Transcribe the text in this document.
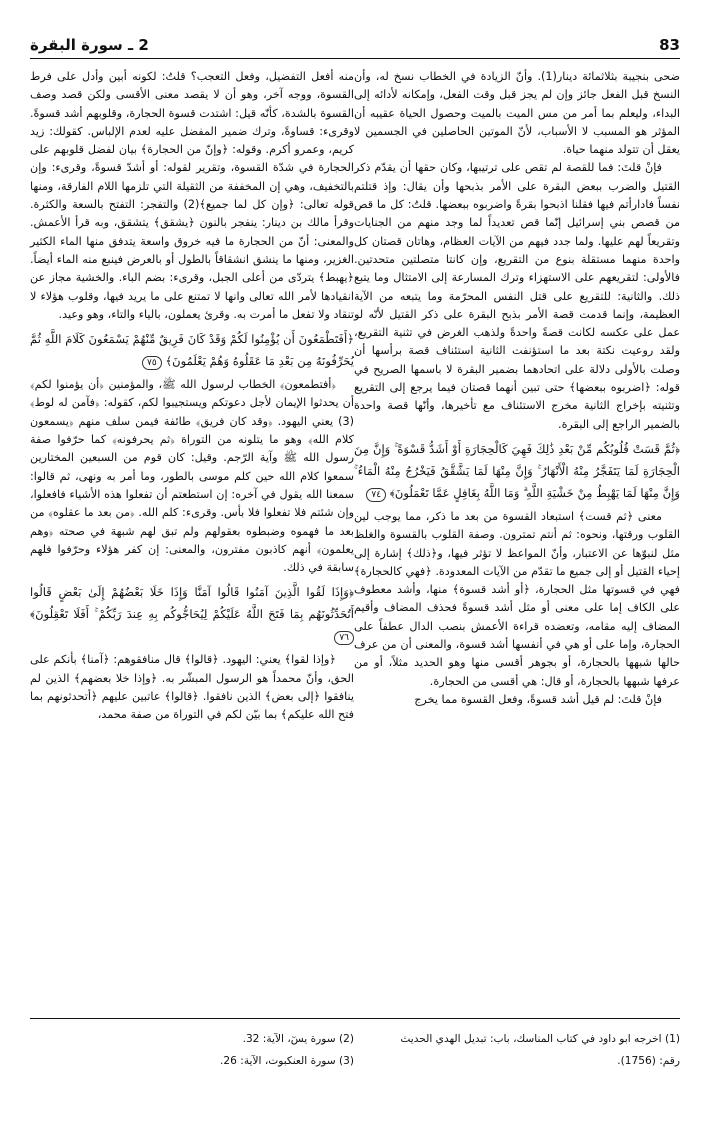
83
2 ـ سورة البقرة

ضحى بنجيبة بثلاثمائة دينار(1). وأنّ الزيادة في الخطاب نسخ له، وأن النسخ قبل الفعل جائز وإن لم يجز قبل وقت الفعل، وإمكانه لأدائه إلى البداء، وليعلم بما أمر من مس الميت بالميت وحصول الحياة عقيبه أن المؤثر هو المسبب لا الأسباب، لأنّ الموتين الحاصلين في الجسمين لا يعقل أن تتولد منهما حياة.

فإنْ قلتَ: فما للقصة لم تقص على ترتيبها، وكان حقها أن يقدّم ذكر القتيل والضرب ببعض البقرة على الأمر بذبحها وأن يقال: وإذ قتلتم نفساً فادارأتم فيها فقلنا اذبحوا بقرةً واضربوه ببعضها. قلتُ: كل ما قص من قصص بني إسرائيل إنّما قص تعديداً لما وجد منهم من الجنايات وتقريعاً لهم عليها. ولما جدد فيهم من الآيات العظام، وهاتان قصتان كل واحدة منهما مستقلة بنوع من التقريع، وإن كانتا متصلتين متحدتين. فالأولى: لتقريعهم على الاستهزاء وترك المسارعة إلى الامتثال وما يتبع ذلك. والثانية: للتقريع على قتل النفس المحرّمة وما يتبعه من الآية العظيمة، وإنما قدمت قصة الأمر بذبح البقرة على ذكر القتيل لأنّه لو عمل على عكسه لكانت قصةً واحدةً ولذهب الغرض في تثنية التقريع، ولقد روعيت نكتة بعد ما استؤنفت الثانية استئناف قصة برأسها أن وصلت بالأولى دلالة على اتحادهما بضمير البقرة لا باسمها الصريح في قوله: ﴿اضربوه ببعضها﴾ حتى تبين أنهما قصتان فيما يرجع إلى التقريع وتثنيته بإخراج الثانية مخرج الاستئناف مع تأخيرها، وأنّها قصة واحدة بالضمير الراجع إلى البقرة.

﴿ثُمَّ قَسَتْ قُلُوبُكُم مِّنْ بَعْدِ ذَٰلِكَ فَهِيَ كَالْحِجَارَةِ أَوْ أَشَدُّ قَسْوَةً ۚ وَإِنَّ مِنَ الْحِجَارَةِ لَمَا يَتَفَجَّرُ مِنْهُ الْأَنْهَارُ ۚ وَإِنَّ مِنْهَا لَمَا يَشَّقَّقُ فَيَخْرُجُ مِنْهُ الْمَاءُ ۚ وَإِنَّ مِنْهَا لَمَا يَهْبِطُ مِنْ خَشْيَةِ اللَّهِ ۗ وَمَا اللَّهُ بِغَافِلٍ عَمَّا تَعْمَلُونَ﴾ ٧٤

معنى ﴿ثم قست﴾ استبعاد القسوة من بعد ما ذكر، مما يوجب لين القلوب ورقتها، ونحوه: ثم أنتم تمترون. وصفة القلوب بالقسوة والغلظ مثل لنبوّها عن الاعتبار، وأنّ المواعظ لا تؤثر فيها، و﴿ذلك﴾ إشارة إلى إحياء القتيل أو إلى جميع ما تقدّم من الآيات المعدودة. ﴿فهي كالحجارة﴾ فهي في قسوتها مثل الحجارة، ﴿أو أشد قسوة﴾ منها، وأشد معطوف على الكاف إما على معنى أو مثل أشد قسوةً فحذف المضاف وأقيم المضاف إليه مقامه، وتعضده قراءة الأعمش بنصب الدال عطفاً على الحجارة، وإما على أو هي في أنفسها أشد قسوة، والمعنى أن من عرف حالها شبهها بالحجارة، أو بجوهر أقسى منها وهو الحديد مثلاً، أو من عرفها شبهها بالحجارة، أو قال: هي أقسى من الحجارة.

فإنْ قلتَ: لم قيل أشد قسوةً، وفعل القسوة مما يخرج

منه أفعل التفضيل، وفعل التعجب؟ قلتُ: لكونه أبين وأدل على فرط القسوة، ووجه آخر، وهو أن لا يقصد معنى الأقسى ولكن قصد وصف القسوة بالشدة، كأنّه قيل: اشتدت قسوة الحجارة، وقلوبهم أشد قسوةً. وقرىء: قساوةً، وترك ضمير المفضل عليه لعدم الإلباس. كقولك: زيد كريم، وعمرو أكرم. وقوله: ﴿وإنّ من الحجارة﴾ بيان لفضل قلوبهم على الحجارة في شدّة القسوة، وتقرير لقوله: أو أشدّ قسوةً، وقرىء: وإن بالتخفيف، وهي إن المخففة من الثقيلة التي تلزمها اللام الفارقة، ومنها قوله تعالى: ﴿وإن كل لما جميع﴾(2) والتفجر: التفتح بالسعة والكثرة. وقرأ مالك بن دينار: ينفجر بالنون ﴿يشقق﴾ يتشقق، وبه قرأ الأعمش. والمعنى: أنّ من الحجارة ما فيه خروق واسعة يتدفق منها الماء الكثير الغزير، ومنها ما ينشق انشقاقاً بالطول أو بالعرض فينبع منه الماء أيضاً. ﴿يهبط﴾ يتردّى من أعلى الجبل، وقرىء: بضم الباء. والخشية مجاز عن انقيادها لأمر الله تعالى وانها لا تمتنع على ما يريد فيها، وقلوب هؤلاء لا تنقاد ولا تفعل ما أمرت به. وقرئ يعملون، بالياء والتاء، وهو وعيد.

﴿أَفَتَطْمَعُونَ أَن يُؤْمِنُوا لَكُمْ وَقَدْ كَانَ فَرِيقٌ مِّنْهُمْ يَسْمَعُونَ كَلَامَ اللَّهِ ثُمَّ يُحَرِّفُونَهُ مِن بَعْدِ مَا عَقَلُوهُ وَهُمْ يَعْلَمُونَ﴾ ٧٥

﴿أفتطمعون﴾ الخطاب لرسول الله ﷺ، والمؤمنين ﴿أن يؤمنوا لكم﴾ أن يحدثوا الإيمان لأجل دعوتكم ويستجيبوا لكم، كقوله: ﴿فآمن له لوط﴾(3) يعني اليهود. ﴿وقد كان فريق﴾ طائفة فيمن سلف منهم ﴿يسمعون كلام الله﴾ وهو ما يتلونه من التوراة ﴿ثم يحرفونه﴾ كما حرّفوا صفة رسول الله ﷺ وآية الرّجم. وقيل: كان قوم من السبعين المختارين سمعوا كلام الله حين كلم موسى بالطور، وما أمر به ونهى، ثم قالوا: سمعنا الله يقول في آخره: إن استطعتم أن تفعلوا هذه الأشياء فافعلوا، وإن شئتم فلا تفعلوا فلا بأس. وقرىء: كلم الله. ﴿من بعد ما عقلوه﴾ من بعد ما فهموه وضبطوه بعقولهم ولم تبق لهم شبهة في صحته ﴿وهم يعلمون﴾ أنهم كاذبون مفترون، والمعنى: إن كفر هؤلاء وحرّفوا فلهم سابقة في ذلك.

﴿وَإِذَا لَقُوا الَّذِينَ آمَنُوا قَالُوا آمَنَّا وَإِذَا خَلَا بَعْضُهُمْ إِلَىٰ بَعْضٍ قَالُوا أَتُحَدِّثُونَهُم بِمَا فَتَحَ اللَّهُ عَلَيْكُمْ لِيُحَاجُّوكُم بِهِ عِندَ رَبِّكُمْ ۚ أَفَلَا تَعْقِلُونَ﴾ ٧٦

﴿وإذا لقوا﴾ يعني: اليهود. ﴿قالوا﴾ قال منافقوهم: ﴿آمنا﴾ بأنكم على الحق، وأنّ محمداً هو الرسول المبشّر به. ﴿وإذا خلا بعضهم﴾ الذين لم ينافقوا ﴿إلى بعض﴾ الذين نافقوا. ﴿قالوا﴾ عاتبين عليهم ﴿أتحدثونهم بما فتح الله عليكم﴾ بما بيّن لكم في التوراة من صفة محمد،

(1) اخرجه ابو داود في كتاب المناسك، باب: تبديل الهدي الحديث

رقم: (1756).

(2) سورة يسٓ، الآية: 32.

(3) سورة العنكبوت، الآية: 26.
